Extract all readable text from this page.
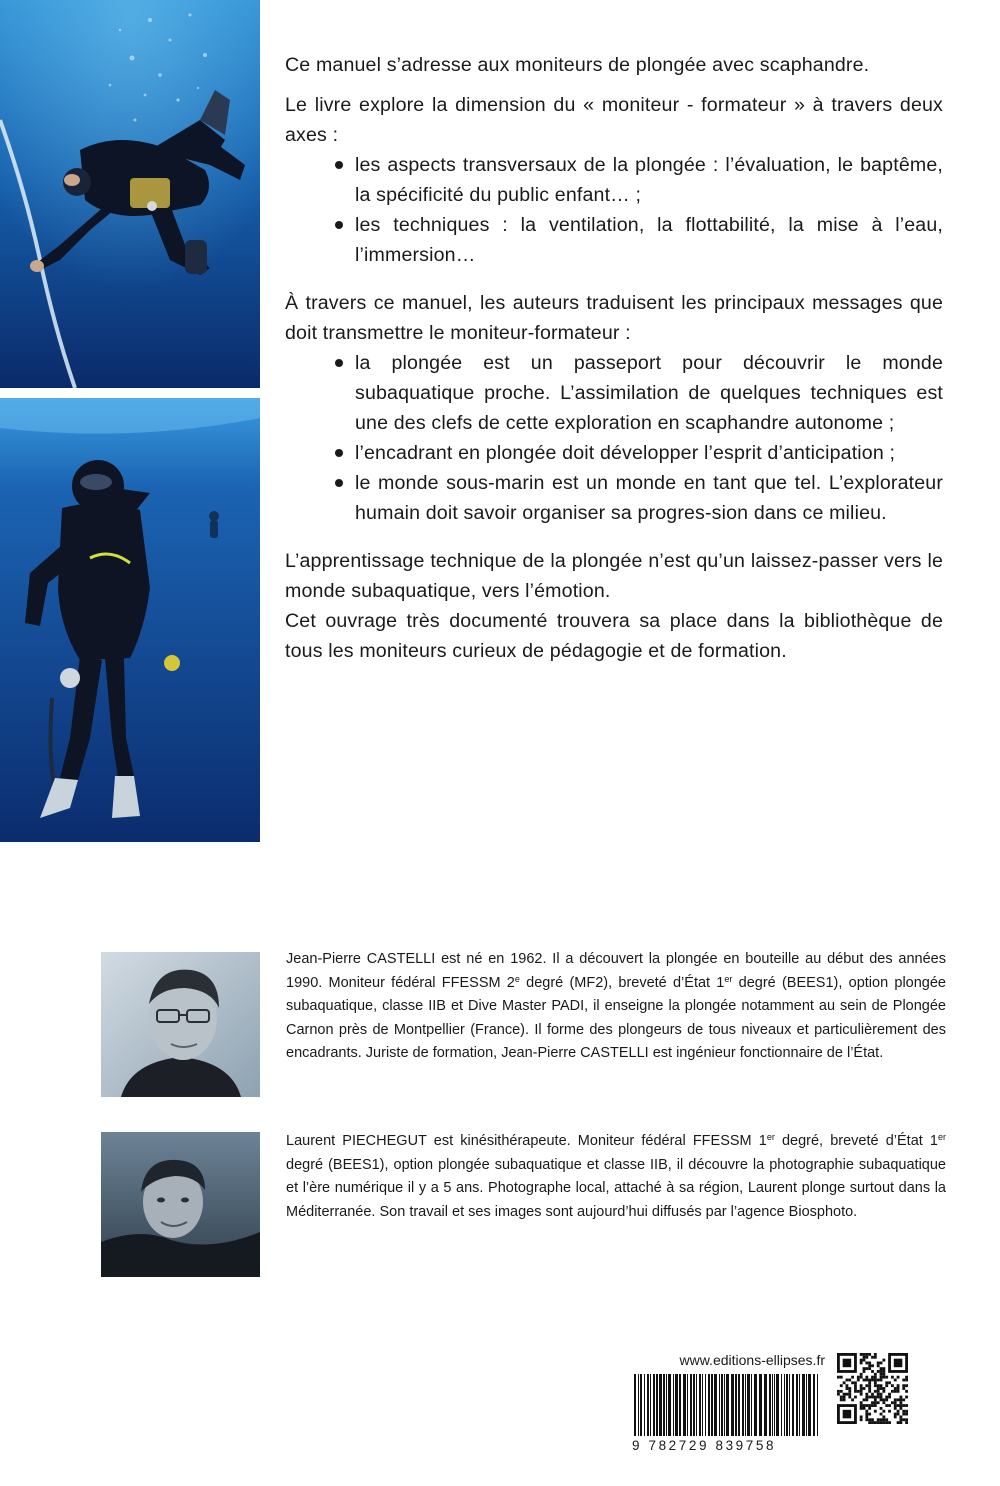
Ce manuel s’adresse aux moniteurs de plongée avec scaphandre.

Le livre explore la dimension du « moniteur - formateur » à travers deux axes :

les aspects transversaux de la plongée : l’évaluation, le baptême, la spécificité du public enfant… ;
les techniques : la ventilation, la flottabilité, la mise à l’eau, l’immersion…

À travers ce manuel, les auteurs traduisent les principaux messages que doit transmettre le moniteur-formateur :

la plongée est un passeport pour découvrir le monde subaquatique proche. L’assimilation de quelques techniques est une des clefs de cette exploration en scaphandre autonome ;
l’encadrant en plongée doit développer l’esprit d’anticipation ;
le monde sous-marin est un monde en tant que tel. L’explorateur humain doit savoir organiser sa progres-sion dans ce milieu.

L’apprentissage technique de la plongée n’est qu’un laissez-passer vers le monde subaquatique, vers l’émotion.

Cet ouvrage très documenté trouvera sa place dans la bibliothèque de tous les moniteurs curieux de pédagogie et de formation.

Jean-Pierre CASTELLI est né en 1962. Il a découvert la plongée en bouteille au début des années 1990. Moniteur fédéral FFESSM 2e degré (MF2), breveté d’État 1er degré (BEES1), option plongée subaquatique, classe IIB et Dive Master PADI, il enseigne la plongée notamment au sein de Plongée Carnon près de Montpellier (France). Il forme des plongeurs de tous niveaux et particulièrement des encadrants. Juriste de formation, Jean-Pierre CASTELLI est ingénieur fonctionnaire de l’État.
Laurent PIECHEGUT est kinésithérapeute. Moniteur fédéral FFESSM 1er degré, breveté d’État 1er degré (BEES1), option plongée subaquatique et classe IIB, il découvre la photographie subaquatique et l’ère numérique il y a 5 ans. Photographe local, attaché à sa région, Laurent plonge surtout dans la Méditerranée. Son travail et ses images sont aujourd’hui diffusés par l’agence Biosphoto.
www.editions-ellipses.fr
9 782729 839758
